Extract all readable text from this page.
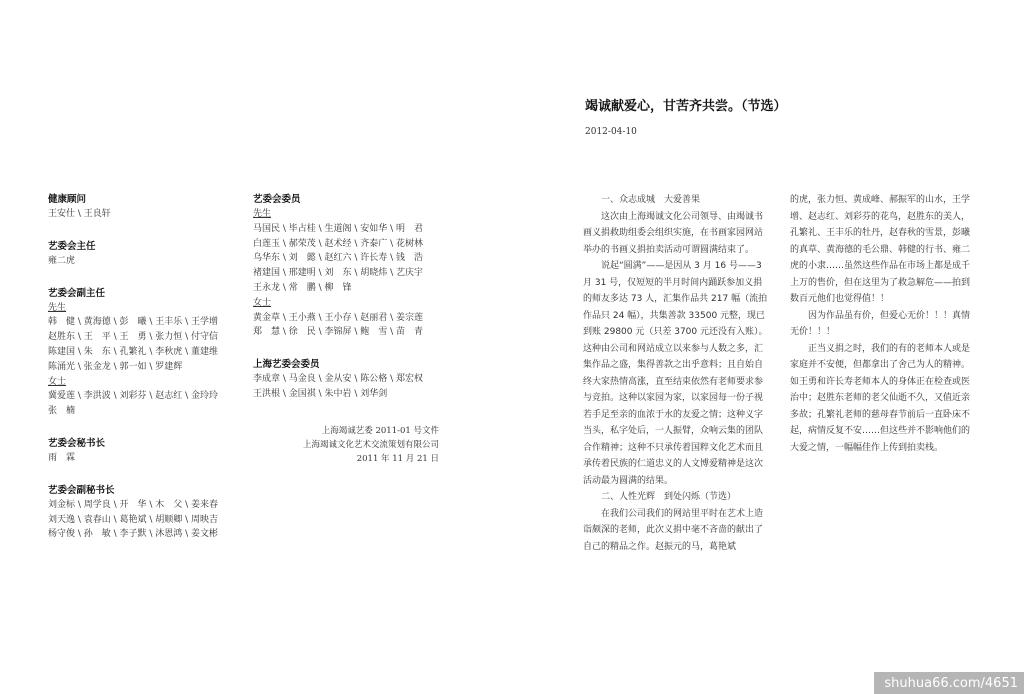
健康顾问
王安仕 \ 王良轩
艺委会主任
雍二虎
艺委会副主任
先生
韩　健 \ 黄海德 \ 彭　曦 \ 王丰乐 \ 王学增
赵胜东 \ 王　平 \ 王　勇 \ 张力恒 \ 付守信
陈建国 \ 朱　东 \ 孔繁礼 \ 李秋虎 \ 董建维
陈涌光 \ 张金龙 \ 郭一如 \ 罗建辉
女士
冀爱莲 \ 李洪波 \ 刘彩芬 \ 赵志红 \ 金玲玲
张　楠
艺委会秘书长
雨　霖
艺委会副秘书长
刘金标 \ 周学良 \ 开　华 \ 木　父 \ 姜来春
刘天逸 \ 袁春山 \ 葛艳斌 \ 胡顺卿 \ 周映吉
杨守俊 \ 孙　敏 \ 李子默 \ 沐恩鸿 \ 姜文彬
艺委会委员
先生
马国民 \ 毕占桂 \ 生道阁 \ 安如华 \ 明　君
白莲玉 \ 郝荣茂 \ 赵术经 \ 齐泰广 \ 花树林
乌华东 \ 刘　懿 \ 赵红六 \ 许长寿 \ 钱　浩
褚建国 \ 邢建明 \ 刘　东 \ 胡晓炜 \ 艺庆宇
王永龙 \ 常　鹏 \ 柳　锋
女士
黄金草 \ 王小燕 \ 王小存 \ 赵丽君 \ 姜宗莲
郑　慧 \ 徐　民 \ 李锦屏 \ 鲍　雪 \ 苗　青
上海艺委会委员
李成章 \ 马金良 \ 金从安 \ 陈公格 \ 郑宏权
王洪根 \ 金国祺 \ 朱中岩 \ 刘华剑
上海竭诚艺委 2011-01 号文件
上海竭诚文化艺术交流策划有限公司
2011 年 11 月 21 日
竭诚献爱心，甘苦齐共尝。（节选）
2012-04-10

一、众志成城　大爱善果

这次由上海竭诚文化公司领导、由竭诚书画义捐救助组委会组织实施，在书画家园网站举办的书画义捐拍卖活动可谓圆满结束了。

说起“圆满”——是因从 3 月 16 号——3 月 31 号，仅短短的半月时间内踊跃参加义捐的师友多达 73 人，汇集作品共 217 幅（流拍作品只 24 幅），共集善款 33500 元整，现已到账 29800 元（只差 3700 元还没有入账）。这种由公司和网站成立以来参与人数之多，汇集作品之盛，集得善款之出乎意料；且自始自终大家热情高涨，直至结束依然有老师要求参与竞拍。这种以家园为家，以家园每一份子视若手足至亲的血浓于水的友爱之情；这种义字当头，私字处后，一人振臂，众响云集的团队合作精神；这种不只承传着国粹文化艺术而且承传着民族的仁道忠义的人文博爱精神是这次活动最为圆满的结果。

二、人性光辉　到处闪烁（节选）

在我们公司我们的网站里平时在艺术上造诣颇深的老师，此次义捐中毫不吝啬的献出了自己的精品之作。赵振元的马，葛艳斌

的虎，张力恒、黄成峰、郝振军的山水，王学增、赵志红、刘彩芬的花鸟，赵胜东的美人，孔繁礼、王丰乐的牡丹，赵春秋的雪景，彭曦的真草、黄海德的毛公鼎、韩健的行书、雍二虎的小隶……虽然这些作品在市场上都是成千上万的售价，但在这里为了救急解危——拍到数百元他们也觉得值！！

因为作品虽有价，但爱心无价！！！真情无价！！！

正当义捐之时，我们的有的老师本人或是家庭并不安便，但都拿出了舍己为人的精神。如王勇和许长寿老师本人的身体正在检查或医治中；赵胜东老师的老父仙逝不久，又值近亲多故；孔繁礼老师的慈母春节前后一直卧床不起，病情反复不安……但这些并不影响他们的大爱之情，一幅幅佳作上传到拍卖栈。

shuhua66.com/4651
